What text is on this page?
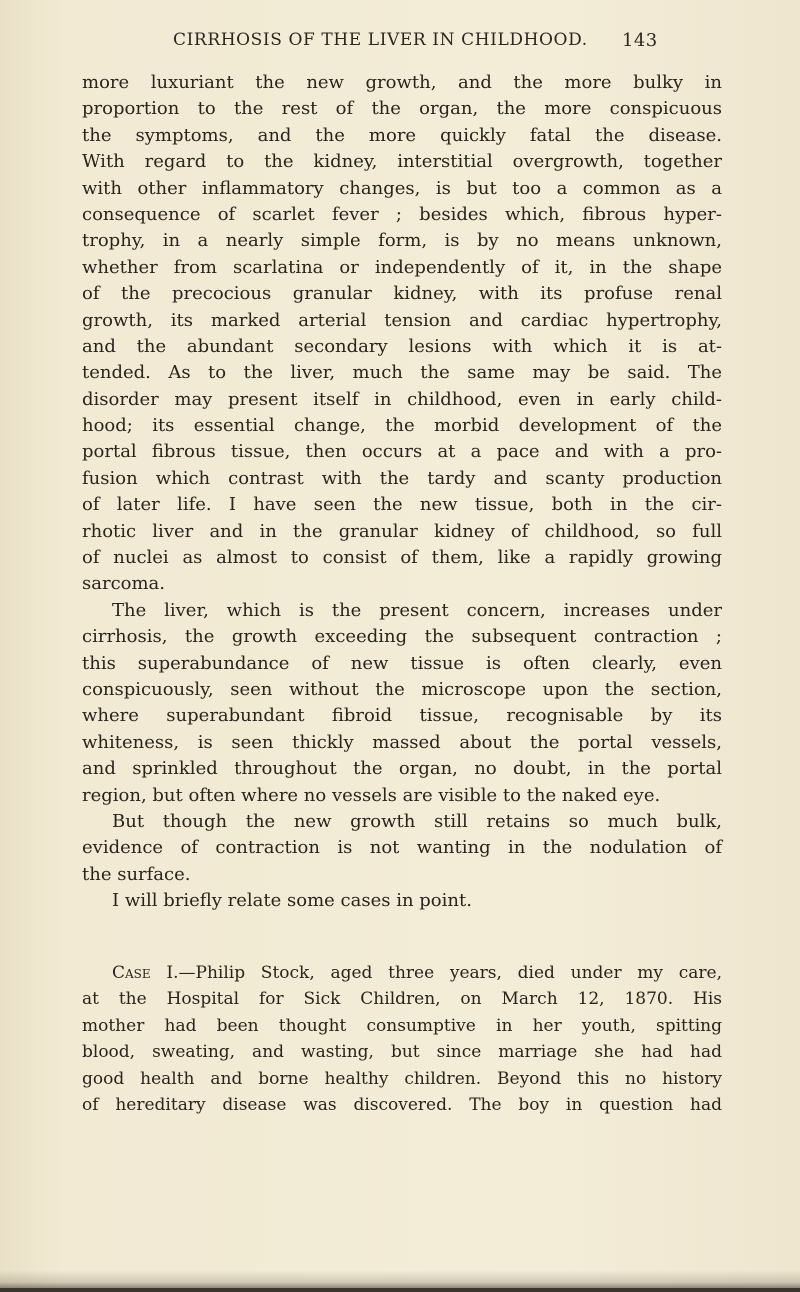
CIRRHOSIS OF THE LIVER IN CHILDHOOD.	143
more luxuriant the new growth, and the more bulky in
proportion to the rest of the organ, the more conspicuous
the symptoms, and the more quickly fatal the disease.
With regard to the kidney, interstitial overgrowth, together
with other inflammatory changes, is but too a common as a
consequence of scarlet fever ; besides which, fibrous hyper-
trophy, in a nearly simple form, is by no means unknown,
whether from scarlatina or independently of it, in the shape
of the precocious granular kidney, with its profuse renal
growth, its marked arterial tension and cardiac hypertrophy,
and the abundant secondary lesions with which it is at-
tended. As to the liver, much the same may be said. The
disorder may present itself in childhood, even in early child-
hood; its essential change, the morbid development of the
portal fibrous tissue, then occurs at a pace and with a pro-
fusion which contrast with the tardy and scanty production
of later life. I have seen the new tissue, both in the cir-
rhotic liver and in the granular kidney of childhood, so full
of nuclei as almost to consist of them, like a rapidly growing
sarcoma.
The liver, which is the present concern, increases under
cirrhosis, the growth exceeding the subsequent contraction ;
this superabundance of new tissue is often clearly, even
conspicuously, seen without the microscope upon the section,
where superabundant fibroid tissue, recognisable by its
whiteness, is seen thickly massed about the portal vessels,
and sprinkled throughout the organ, no doubt, in the portal
region, but often where no vessels are visible to the naked eye.
But though the new growth still retains so much bulk,
evidence of contraction is not wanting in the nodulation of
the surface.
I will briefly relate some cases in point.
Case I.—Philip Stock, aged three years, died under my care,
at the Hospital for Sick Children, on March 12, 1870. His
mother had been thought consumptive in her youth, spitting
blood, sweating, and wasting, but since marriage she had had
good health and borne healthy children. Beyond this no history
of hereditary disease was discovered. The boy in question had
